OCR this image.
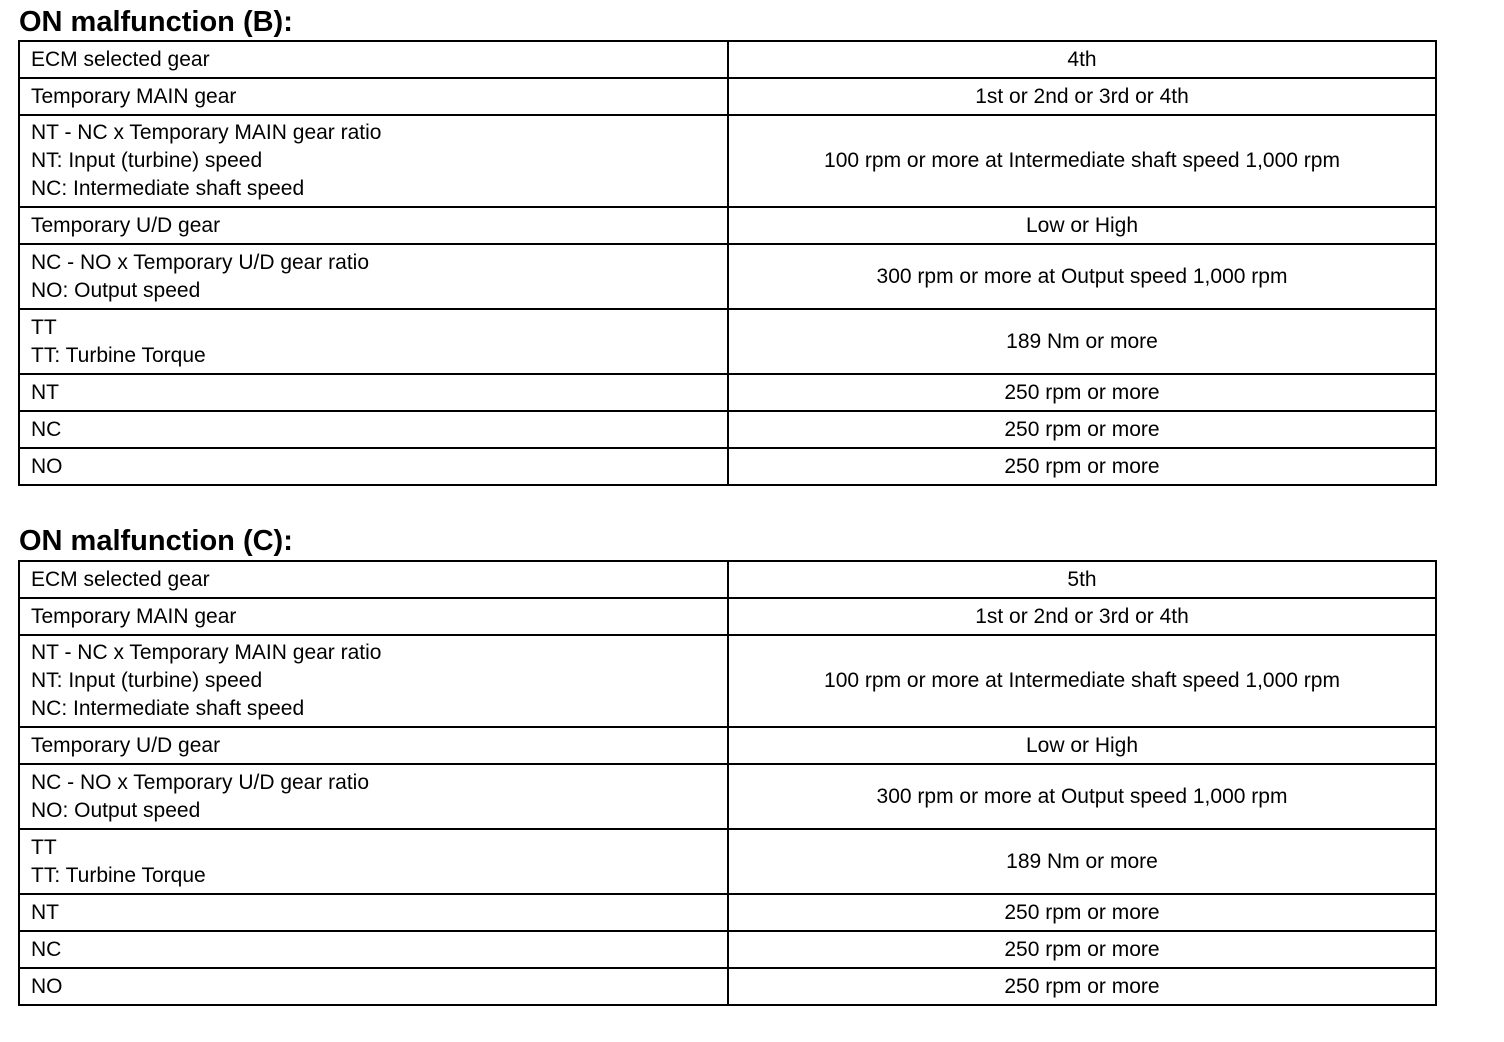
ON malfunction (B):
ECM selected gear	4th

Temporary MAIN gear	1st or 2nd or 3rd or 4th

NT - NC x Temporary MAIN gear ratio
NT: Input (turbine) speed
NC: Intermediate shaft speed	100 rpm or more at Intermediate shaft speed 1,000 rpm

Temporary U/D gear	Low or High

NC - NO x Temporary U/D gear ratio
NO: Output speed	300 rpm or more at Output speed 1,000 rpm

TT
TT: Turbine Torque	189 Nm or more

NT	250 rpm or more

NC	250 rpm or more

NO	250 rpm or more
ON malfunction (C):
ECM selected gear	5th

Temporary MAIN gear	1st or 2nd or 3rd or 4th

NT - NC x Temporary MAIN gear ratio
NT: Input (turbine) speed
NC: Intermediate shaft speed	100 rpm or more at Intermediate shaft speed 1,000 rpm

Temporary U/D gear	Low or High

NC - NO x Temporary U/D gear ratio
NO: Output speed	300 rpm or more at Output speed 1,000 rpm

TT
TT: Turbine Torque	189 Nm or more

NT	250 rpm or more

NC	250 rpm or more

NO	250 rpm or more
